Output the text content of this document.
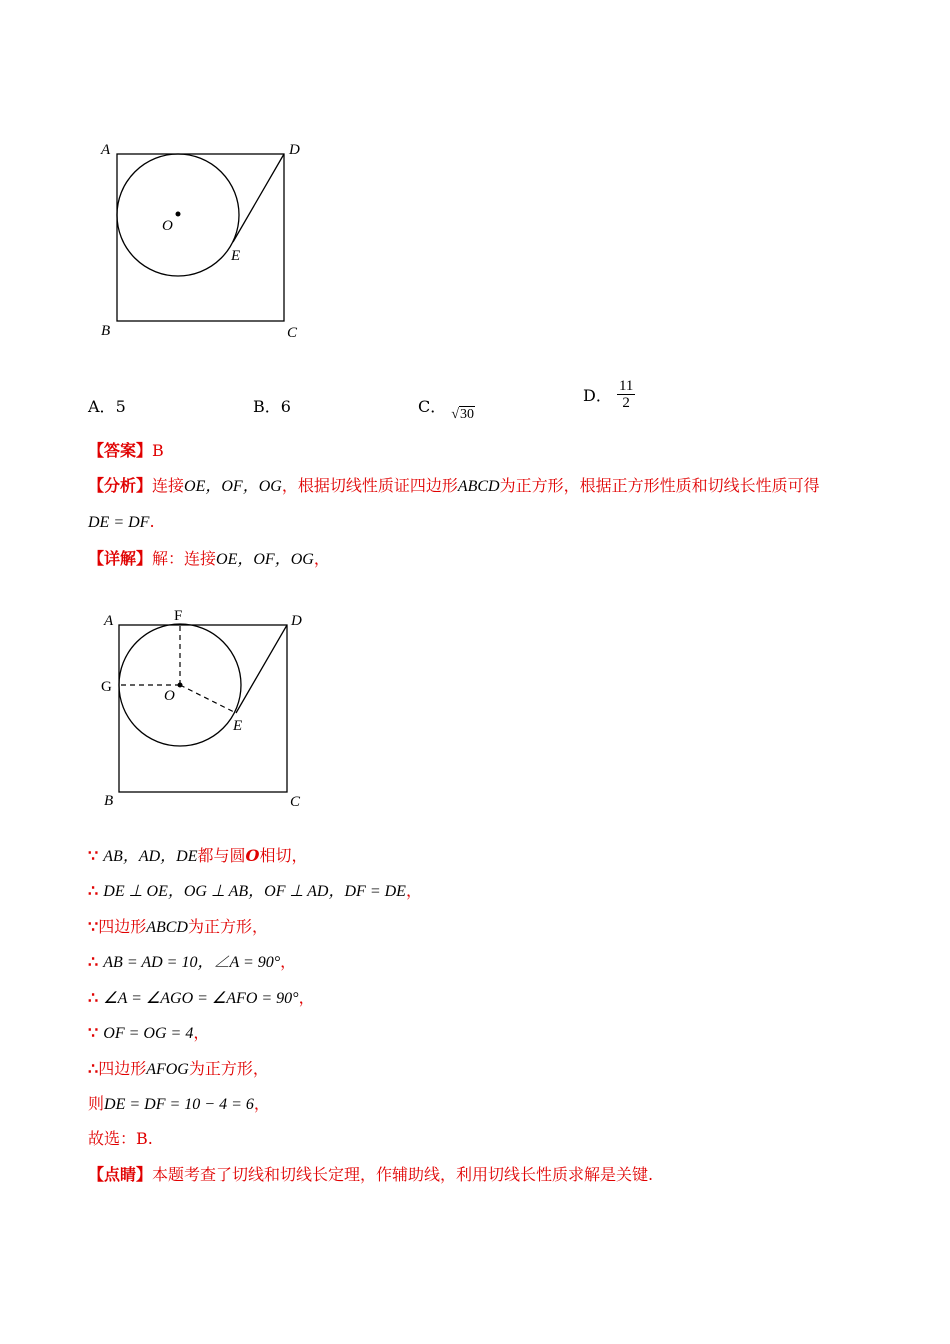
A	D
O
E
B	C
A．5	B．6	C． √30
D． $\frac{11}{2}$
【答案】B
【分析】连接OE，OF，OG，根据切线性质证四边形ABCD为正方形，根据正方形性质和切线长性质可得
DE = DF.
【详解】解：连接OE，OF，OG，
A	F	D
G
O
E
B	C
∵ AB，AD，DE都与圆O相切，
∴ DE ⊥ OE，OG ⊥ AB，OF ⊥ AD，DF = DE，
∵四边形ABCD为正方形，
∴ AB = AD = 10，∠A = 90°，
∴ ∠A = ∠AGO = ∠AFO = 90°，
∵ OF = OG = 4，
∴四边形AFOG为正方形，
则DE = DF = 10 − 4 = 6，
故选：B.
【点睛】本题考查了切线和切线长定理，作辅助线，利用切线长性质求解是关键.
